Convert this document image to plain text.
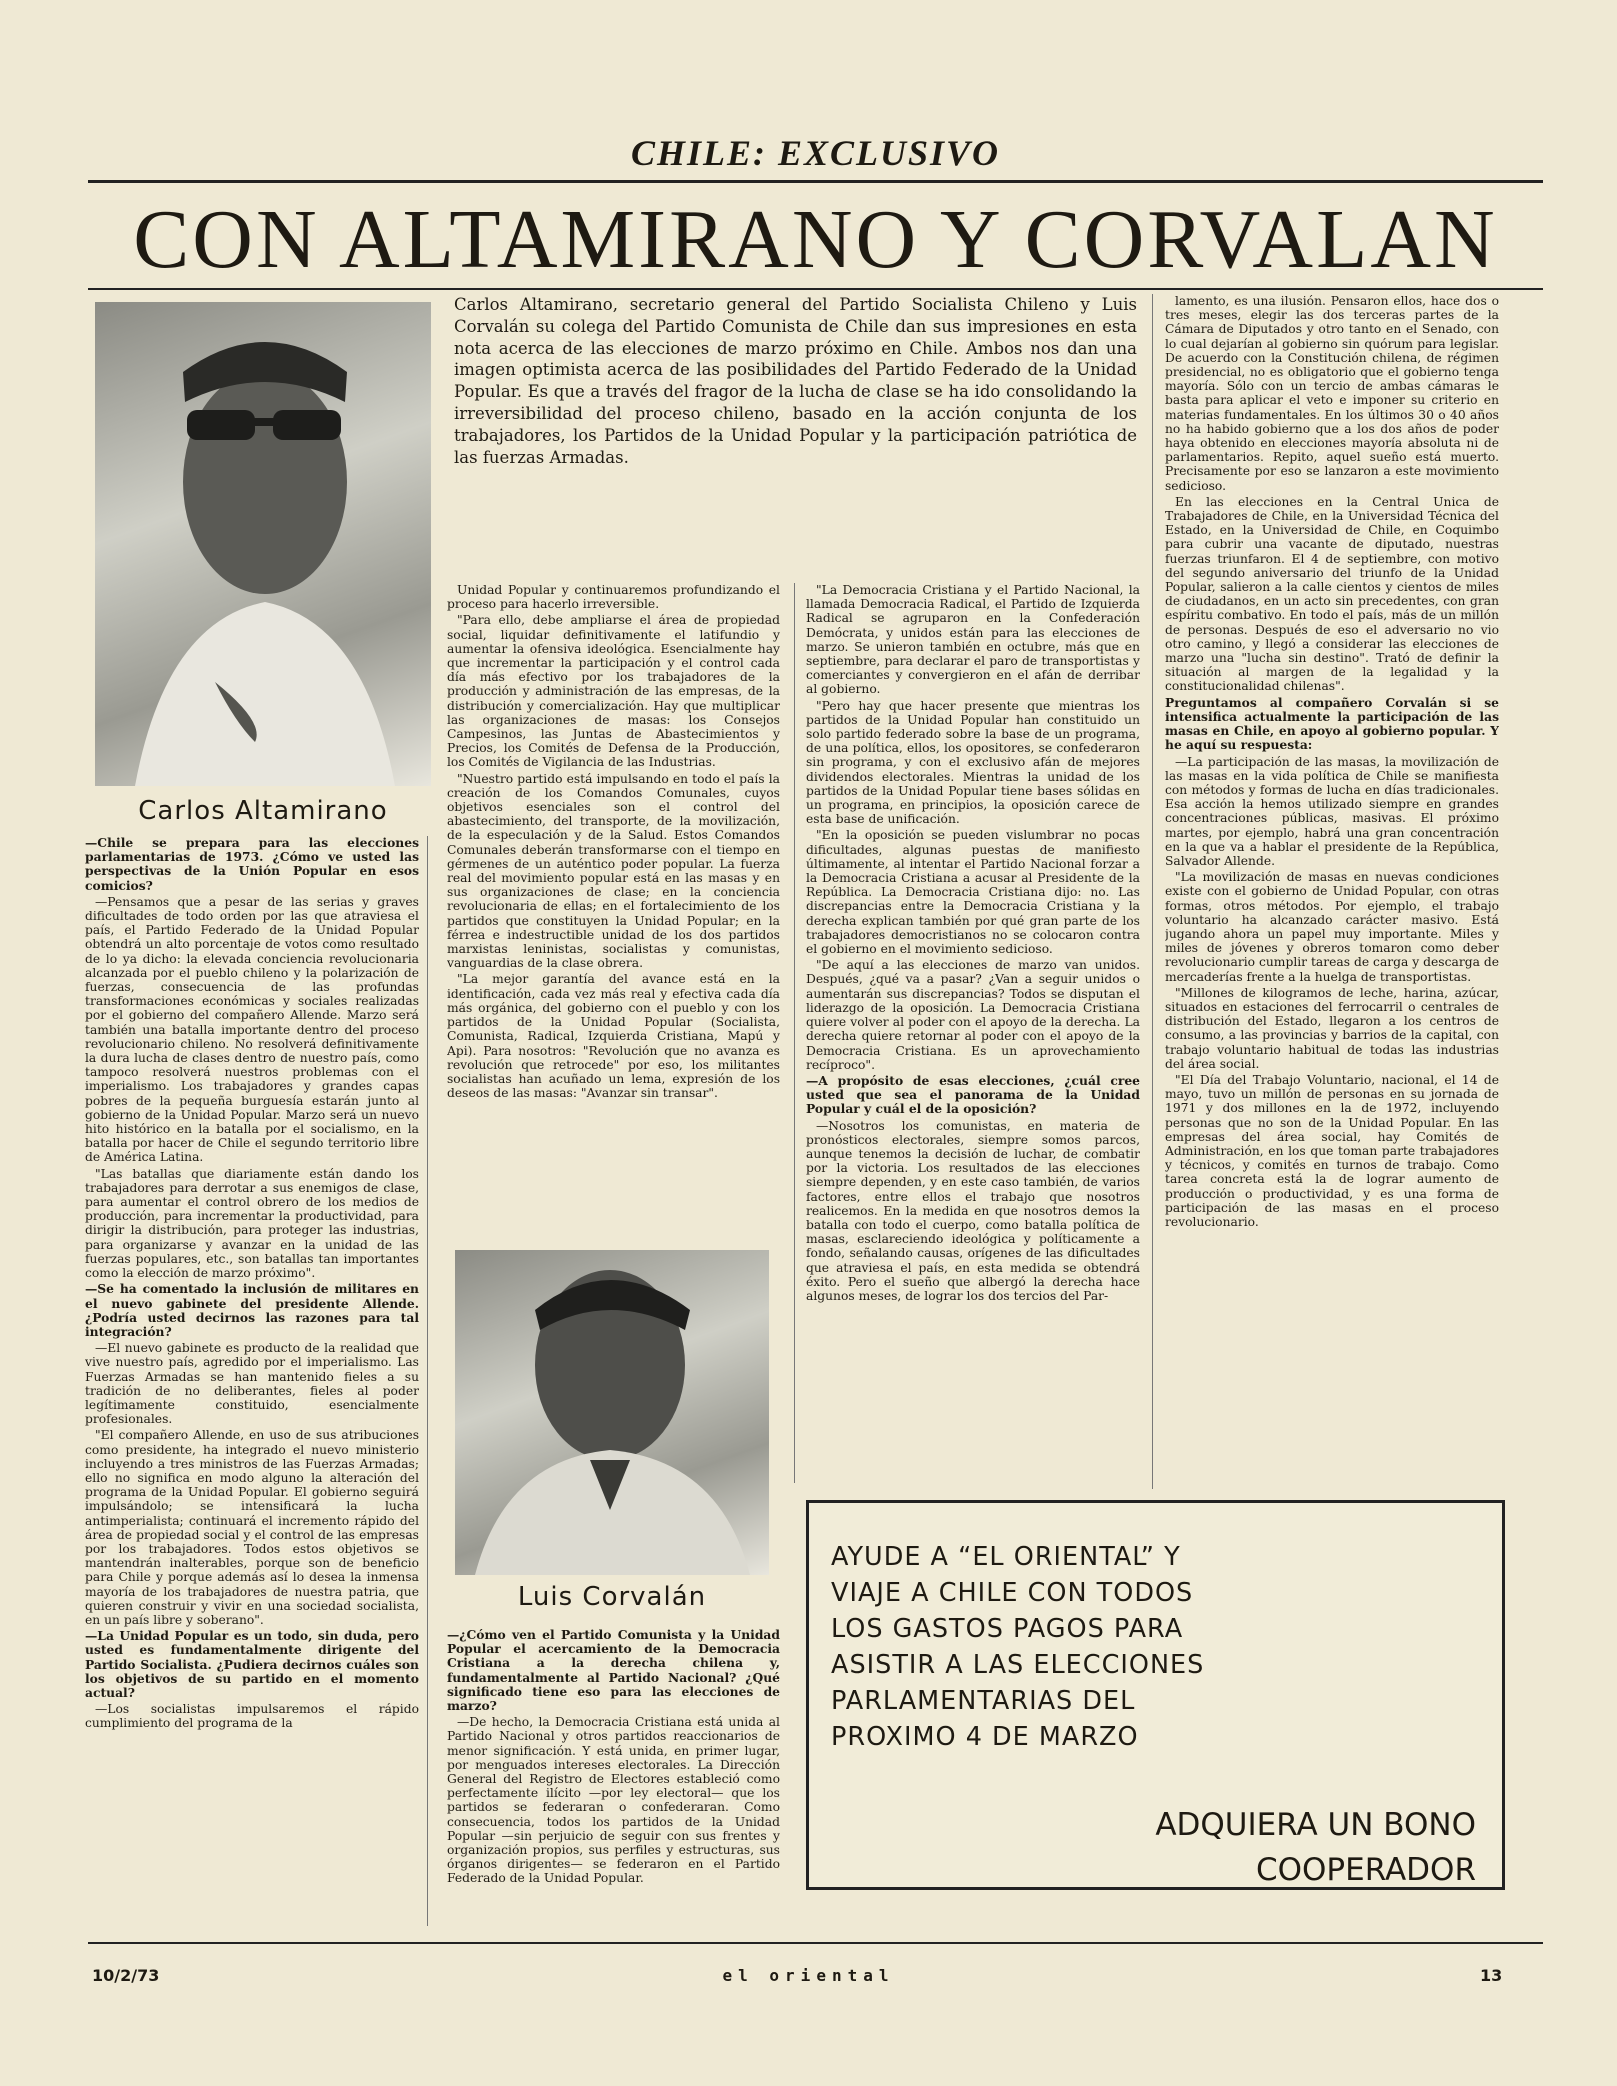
CHILE: EXCLUSIVO
CON ALTAMIRANO Y CORVALAN
Carlos Altamirano
Carlos Altamirano, secretario general del Partido Socialista Chileno y Luis Corvalán su colega del Partido Comunista de Chile dan sus impresiones en esta nota acerca de las elecciones de marzo próximo en Chile. Ambos nos dan una imagen optimista acerca de las posibilidades del Partido Federado de la Unidad Popular. Es que a través del fragor de la lucha de clase se ha ido consolidando la irreversibilidad del proceso chileno, basado en la acción conjunta de los trabajadores, los Partidos de la Unidad Popular y la participación patriótica de las fuerzas Armadas.

—Chile se prepara para las elecciones parlamentarias de 1973. ¿Cómo ve usted las perspectivas de la Unión Popular en esos comicios?

—Pensamos que a pesar de las serias y graves dificultades de todo orden por las que atraviesa el país, el Partido Federado de la Unidad Popular obtendrá un alto porcentaje de votos como resultado de lo ya dicho: la elevada conciencia revolucionaria alcanzada por el pueblo chileno y la polarización de fuerzas, consecuencia de las profundas transformaciones económicas y sociales realizadas por el gobierno del compañero Allende. Marzo será también una batalla importante dentro del proceso revolucionario chileno. No resolverá definitivamente la dura lucha de clases dentro de nuestro país, como tampoco resolverá nuestros problemas con el imperialismo. Los trabajadores y grandes capas pobres de la pequeña burguesía estarán junto al gobierno de la Unidad Popular. Marzo será un nuevo hito histórico en la batalla por el socialismo, en la batalla por hacer de Chile el segundo territorio libre de América Latina.

"Las batallas que diariamente están dando los trabajadores para derrotar a sus enemigos de clase, para aumentar el control obrero de los medios de producción, para incrementar la productividad, para dirigir la distribución, para proteger las industrias, para organizarse y avanzar en la unidad de las fuerzas populares, etc., son batallas tan importantes como la elección de marzo próximo".

—Se ha comentado la inclusión de militares en el nuevo gabinete del presidente Allende. ¿Podría usted decirnos las razones para tal integración?

—El nuevo gabinete es producto de la realidad que vive nuestro país, agredido por el imperialismo. Las Fuerzas Armadas se han mantenido fieles a su tradición de no deliberantes, fieles al poder legítimamente constituido, esencialmente profesionales.

"El compañero Allende, en uso de sus atribuciones como presidente, ha integrado el nuevo ministerio incluyendo a tres ministros de las Fuerzas Armadas; ello no significa en modo alguno la alteración del programa de la Unidad Popular. El gobierno seguirá impulsándolo; se intensificará la lucha antimperialista; continuará el incremento rápido del área de propiedad social y el control de las empresas por los trabajadores. Todos estos objetivos se mantendrán inalterables, porque son de beneficio para Chile y porque además así lo desea la inmensa mayoría de los trabajadores de nuestra patria, que quieren construir y vivir en una sociedad socialista, en un país libre y soberano".

—La Unidad Popular es un todo, sin duda, pero usted es fundamentalmente dirigente del Partido Socialista. ¿Pudiera decirnos cuáles son los objetivos de su partido en el momento actual?

—Los socialistas impulsaremos el rápido cumplimiento del programa de la

Unidad Popular y continuaremos profundizando el proceso para hacerlo irreversible.

"Para ello, debe ampliarse el área de propiedad social, liquidar definitivamente el latifundio y aumentar la ofensiva ideológica. Esencialmente hay que incrementar la participación y el control cada día más efectivo por los trabajadores de la producción y administración de las empresas, de la distribución y comercialización. Hay que multiplicar las organizaciones de masas: los Consejos Campesinos, las Juntas de Abastecimientos y Precios, los Comités de Defensa de la Producción, los Comités de Vigilancia de las Industrias.

"Nuestro partido está impulsando en todo el país la creación de los Comandos Comunales, cuyos objetivos esenciales son el control del abastecimiento, del transporte, de la movilización, de la especulación y de la Salud. Estos Comandos Comunales deberán transformarse con el tiempo en gérmenes de un auténtico poder popular. La fuerza real del movimiento popular está en las masas y en sus organizaciones de clase; en la conciencia revolucionaria de ellas; en el fortalecimiento de los partidos que constituyen la Unidad Popular; en la férrea e indestructible unidad de los dos partidos marxistas leninistas, socialistas y comunistas, vanguardias de la clase obrera.

"La mejor garantía del avance está en la identificación, cada vez más real y efectiva cada día más orgánica, del gobierno con el pueblo y con los partidos de la Unidad Popular (Socialista, Comunista, Radical, Izquierda Cristiana, Mapú y Api). Para nosotros: "Revolución que no avanza es revolución que retrocede" por eso, los militantes socialistas han acuñado un lema, expresión de los deseos de las masas: "Avanzar sin transar".

Luis Corvalán

—¿Cómo ven el Partido Comunista y la Unidad Popular el acercamiento de la Democracia Cristiana a la derecha chilena y, fundamentalmente al Partido Nacional? ¿Qué significado tiene eso para las elecciones de marzo?

—De hecho, la Democracia Cristiana está unida al Partido Nacional y otros partidos reaccionarios de menor significación. Y está unida, en primer lugar, por menguados intereses electorales. La Dirección General del Registro de Electores estableció como perfectamente ilícito —por ley electoral— que los partidos se federaran o confederaran. Como consecuencia, todos los partidos de la Unidad Popular —sin perjuicio de seguir con sus frentes y organización propios, sus perfiles y estructuras, sus órganos dirigentes— se federaron en el Partido Federado de la Unidad Popular.

"La Democracia Cristiana y el Partido Nacional, la llamada Democracia Radical, el Partido de Izquierda Radical se agruparon en la Confederación Demócrata, y unidos están para las elecciones de marzo. Se unieron también en octubre, más que en septiembre, para declarar el paro de transportistas y comerciantes y convergieron en el afán de derribar al gobierno.

"Pero hay que hacer presente que mientras los partidos de la Unidad Popular han constituido un solo partido federado sobre la base de un programa, de una política, ellos, los opositores, se confederaron sin programa, y con el exclusivo afán de mejores dividendos electorales. Mientras la unidad de los partidos de la Unidad Popular tiene bases sólidas en un programa, en principios, la oposición carece de esta base de unificación.

"En la oposición se pueden vislumbrar no pocas dificultades, algunas puestas de manifiesto últimamente, al intentar el Partido Nacional forzar a la Democracia Cristiana a acusar al Presidente de la República. La Democracia Cristiana dijo: no. Las discrepancias entre la Democracia Cristiana y la derecha explican también por qué gran parte de los trabajadores democristianos no se colocaron contra el gobierno en el movimiento sedicioso.

"De aquí a las elecciones de marzo van unidos. Después, ¿qué va a pasar? ¿Van a seguir unidos o aumentarán sus discrepancias? Todos se disputan el liderazgo de la oposición. La Democracia Cristiana quiere volver al poder con el apoyo de la derecha. La derecha quiere retornar al poder con el apoyo de la Democracia Cristiana. Es un aprovechamiento recíproco".

—A propósito de esas elecciones, ¿cuál cree usted que sea el panorama de la Unidad Popular y cuál el de la oposición?

—Nosotros los comunistas, en materia de pronósticos electorales, siempre somos parcos, aunque tenemos la decisión de luchar, de combatir por la victoria. Los resultados de las elecciones siempre dependen, y en este caso también, de varios factores, entre ellos el trabajo que nosotros realicemos. En la medida en que nosotros demos la batalla con todo el cuerpo, como batalla política de masas, esclareciendo ideológica y políticamente a fondo, señalando causas, orígenes de las dificultades que atraviesa el país, en esta medida se obtendrá éxito. Pero el sueño que albergó la derecha hace algunos meses, de lograr los dos tercios del Par-

lamento, es una ilusión. Pensaron ellos, hace dos o tres meses, elegir las dos terceras partes de la Cámara de Diputados y otro tanto en el Senado, con lo cual dejarían al gobierno sin quórum para legislar. De acuerdo con la Constitución chilena, de régimen presidencial, no es obligatorio que el gobierno tenga mayoría. Sólo con un tercio de ambas cámaras le basta para aplicar el veto e imponer su criterio en materias fundamentales. En los últimos 30 o 40 años no ha habido gobierno que a los dos años de poder haya obtenido en elecciones mayoría absoluta ni de parlamentarios. Repito, aquel sueño está muerto. Precisamente por eso se lanzaron a este movimiento sedicioso.

En las elecciones en la Central Unica de Trabajadores de Chile, en la Universidad Técnica del Estado, en la Universidad de Chile, en Coquimbo para cubrir una vacante de diputado, nuestras fuerzas triunfaron. El 4 de septiembre, con motivo del segundo aniversario del triunfo de la Unidad Popular, salieron a la calle cientos y cientos de miles de ciudadanos, en un acto sin precedentes, con gran espíritu combativo. En todo el país, más de un millón de personas. Después de eso el adversario no vio otro camino, y llegó a considerar las elecciones de marzo una "lucha sin destino". Trató de definir la situación al margen de la legalidad y la constitucionalidad chilenas".

Preguntamos al compañero Corvalán si se intensifica actualmente la participación de las masas en Chile, en apoyo al gobierno popular. Y he aquí su respuesta:

—La participación de las masas, la movilización de las masas en la vida política de Chile se manifiesta con métodos y formas de lucha en días tradicionales. Esa acción la hemos utilizado siempre en grandes concentraciones públicas, masivas. El próximo martes, por ejemplo, habrá una gran concentración en la que va a hablar el presidente de la República, Salvador Allende.

"La movilización de masas en nuevas condiciones existe con el gobierno de Unidad Popular, con otras formas, otros métodos. Por ejemplo, el trabajo voluntario ha alcanzado carácter masivo. Está jugando ahora un papel muy importante. Miles y miles de jóvenes y obreros tomaron como deber revolucionario cumplir tareas de carga y descarga de mercaderías frente a la huelga de transportistas.

"Millones de kilogramos de leche, harina, azúcar, situados en estaciones del ferrocarril o centrales de distribución del Estado, llegaron a los centros de consumo, a las provincias y barrios de la capital, con trabajo voluntario habitual de todas las industrias del área social.

"El Día del Trabajo Voluntario, nacional, el 14 de mayo, tuvo un millón de personas en su jornada de 1971 y dos millones en la de 1972, incluyendo personas que no son de la Unidad Popular. En las empresas del área social, hay Comités de Administración, en los que toman parte trabajadores y técnicos, y comités en turnos de trabajo. Como tarea concreta está la de lograr aumento de producción o productividad, y es una forma de participación de las masas en el proceso revolucionario.

AYUDE A “EL ORIENTAL” Y
VIAJE A CHILE CON TODOS
LOS GASTOS PAGOS PARA
ASISTIR A LAS ELECCIONES
PARLAMENTARIAS DEL
PROXIMO 4 DE MARZO
ADQUIERA UN BONO
COOPERADOR
10/2/73	el oriental	13
